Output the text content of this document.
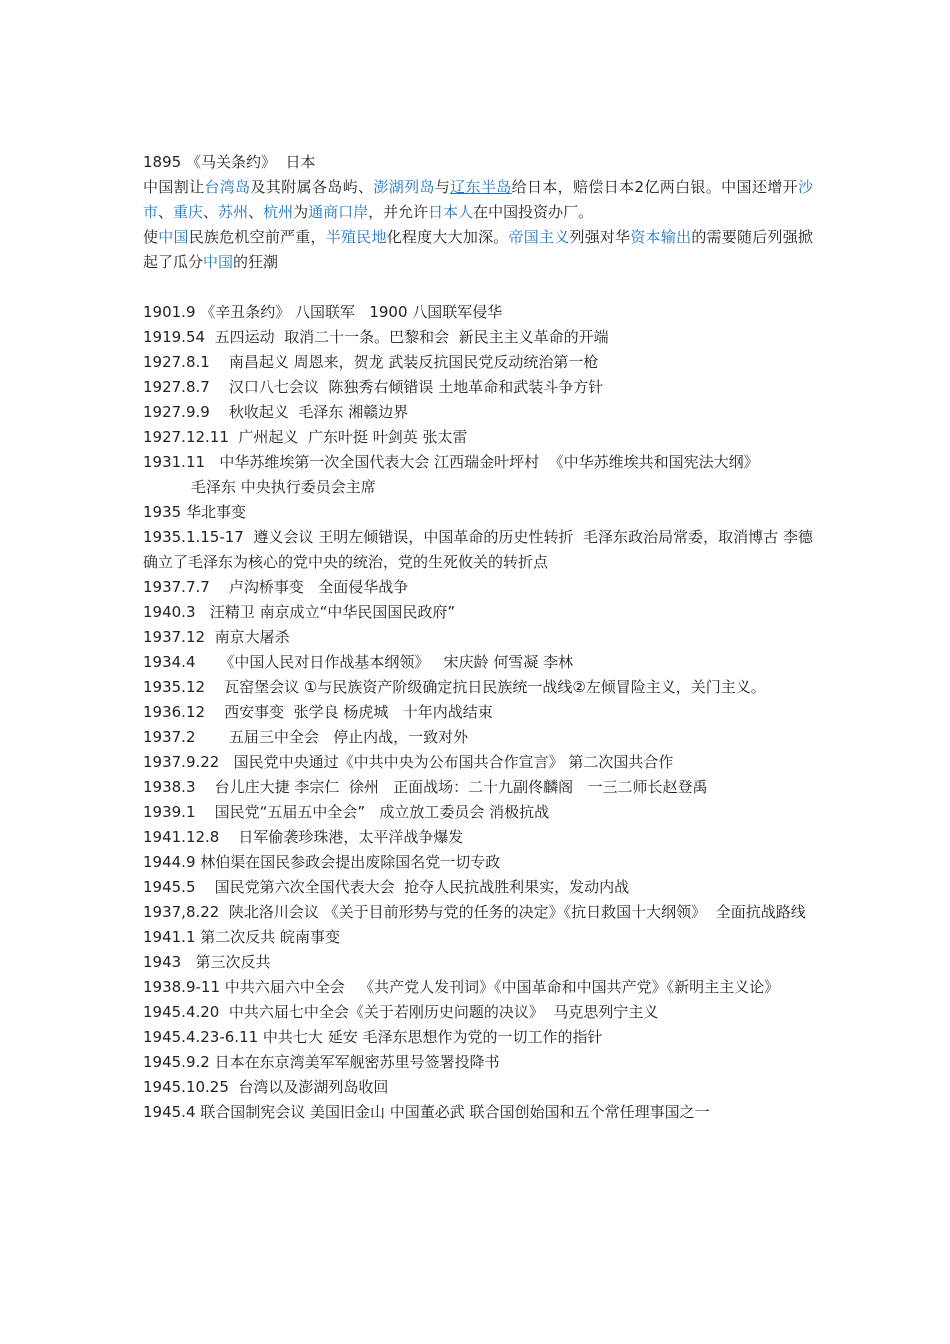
1895 《马关条约》  日本

中国割让台湾岛及其附属各岛屿、澎湖列岛与辽东半岛给日本，赔偿日本2亿两白银。中国还增开沙市、重庆、苏州、杭州为通商口岸，并允许日本人在中国投资办厂。

使中国民族危机空前严重，半殖民地化程度大大加深。帝国主义列强对华资本输出的需要随后列强掀起了瓜分中国的狂潮

1901.9 《辛丑条约》 八国联军   1900 八国联军侵华
1919.54 五四运动  取消二十一条。巴黎和会  新民主主义革命的开端
1927.8.1 南昌起义 周恩来，贺龙 武装反抗国民党反动统治第一枪
1927.8.7 汉口八七会议  陈独秀右倾错误 土地革命和武装斗争方针
1927.9.9 秋收起义  毛泽东 湘赣边界
1927.12.11 广州起义  广东叶挺 叶剑英 张太雷
1931.11 中华苏维埃第一次全国代表大会 江西瑞金叶坪村  《中华苏维埃共和国宪法大纲》

毛泽东 中央执行委员会主席

1935 华北事变

1935.1.15-17  遵义会议 王明左倾错误，中国革命的历史性转折  毛泽东政治局常委，取消博古 李德   确立了毛泽东为核心的党中央的统治，党的生死攸关的转折点

1937.7.7 卢沟桥事变   全面侵华战争
1940.3 汪精卫 南京成立“中华民国国民政府”
1937.12 南京大屠杀
1934.4 《中国人民对日作战基本纲领》   宋庆龄 何雪凝 李林
1935.12 瓦窑堡会议 ①与民族资产阶级确定抗日民族统一战线②左倾冒险主义，关门主义。
1936.12 西安事变  张学良 杨虎城   十年内战结束
1937.2 五届三中全会   停止内战，一致对外
1937.9.22 国民党中央通过《中共中央为公布国共合作宣言》 第二次国共合作
1938.3 台儿庄大捷 李宗仁  徐州   正面战场：二十九副佟麟阁   一三二师长赵登禹
1939.1 国民党“五届五中全会”   成立放工委员会 消极抗战
1941.12.8 日军偷袭珍珠港，太平洋战争爆发
1944.9 林伯渠在国民参政会提出废除国名党一切专政
1945.5 国民党第六次全国代表大会  抢夺人民抗战胜利果实，发动内战
1937,8.22 陕北洛川会议 《关于目前形势与党的任务的决定》《抗日救国十大纲领》  全面抗战路线
1941.1 第二次反共 皖南事变
1943 第三次反共
1938.9-11 中共六届六中全会   《共产党人发刊词》《中国革命和中国共产党》《新明主主义论》
1945.4.20 中共六届七中全会《关于若刚历史问题的决议》  马克思列宁主义
1945.4.23-6.11 中共七大 延安 毛泽东思想作为党的一切工作的指针
1945.9.2 日本在东京湾美军军舰密苏里号签署投降书
1945.10.25 台湾以及澎湖列岛收回
1945.4 联合国制宪会议 美国旧金山 中国董必武 联合国创始国和五个常任理事国之一
